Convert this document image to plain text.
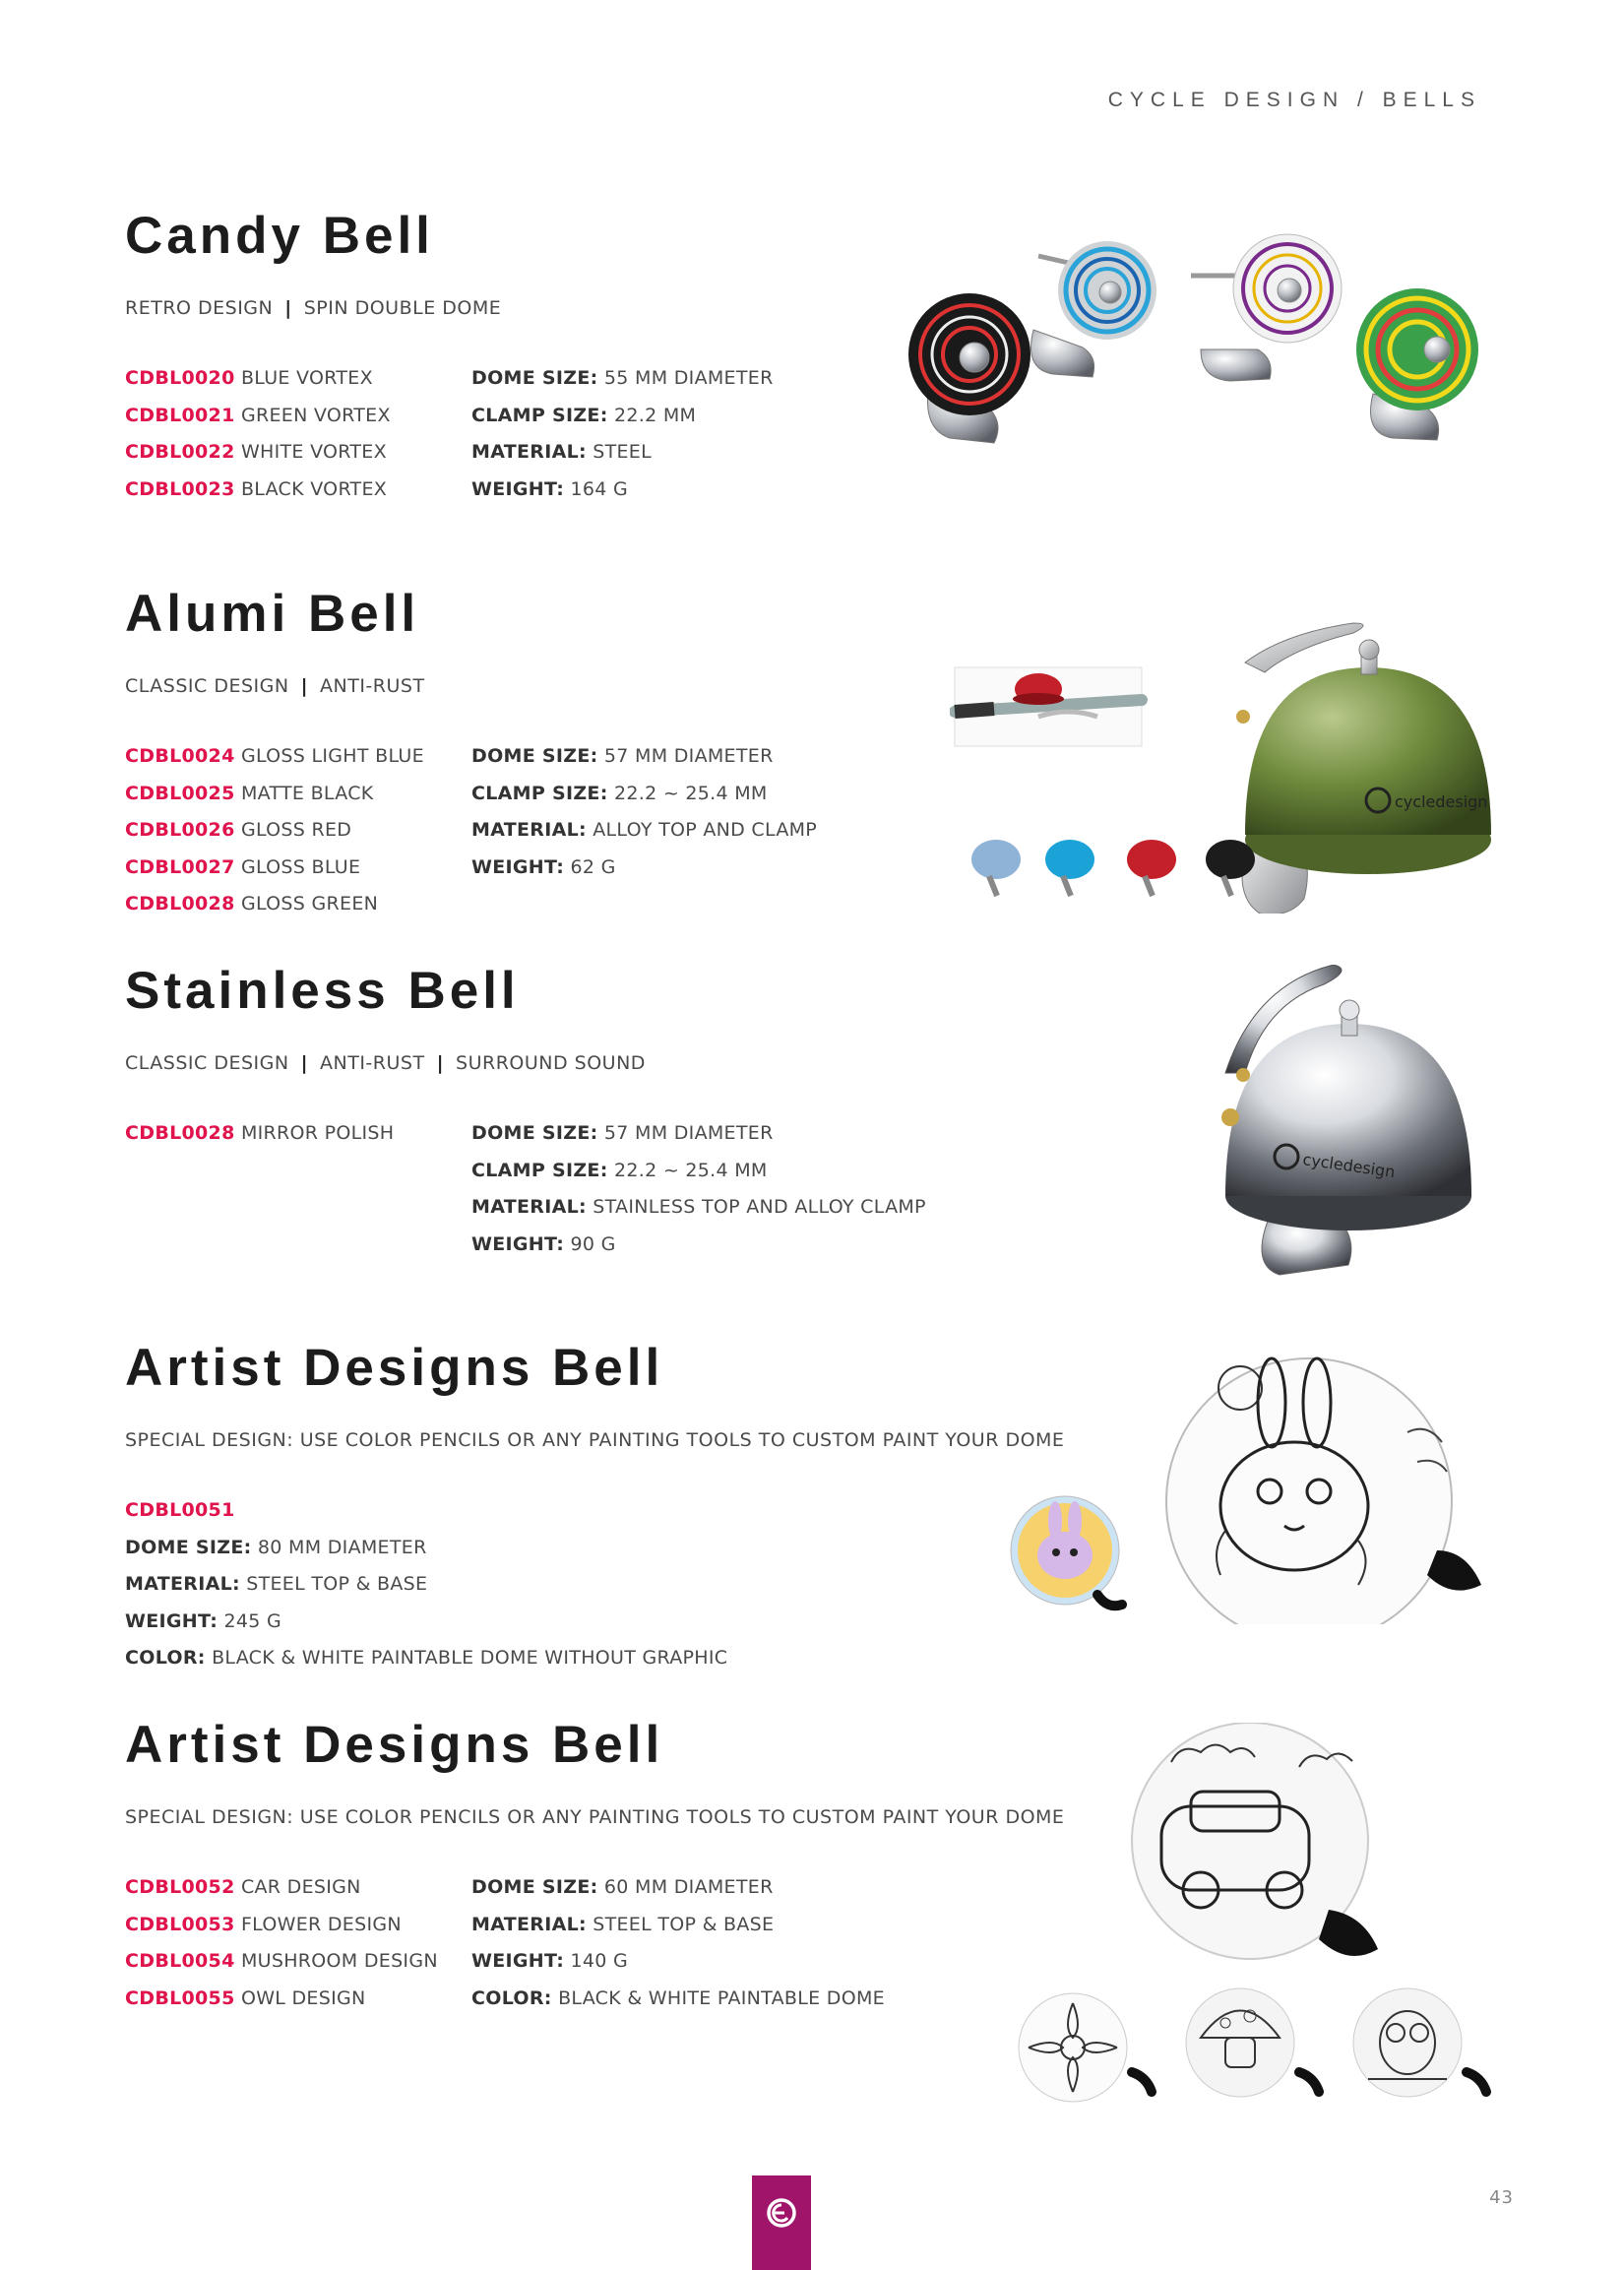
CYCLE DESIGN / BELLS
Candy Bell
RETRO DESIGN | SPIN DOUBLE DOME
CDBL0020 BLUE VORTEX
CDBL0021 GREEN VORTEX
CDBL0022 WHITE VORTEX
CDBL0023 BLACK VORTEX
DOME SIZE: 55 MM DIAMETER
CLAMP SIZE: 22.2 MM
MATERIAL: STEEL
WEIGHT: 164 G
Alumi Bell
CLASSIC DESIGN | ANTI-RUST
CDBL0024 GLOSS LIGHT BLUE
CDBL0025 MATTE BLACK
CDBL0026 GLOSS RED
CDBL0027 GLOSS BLUE
CDBL0028 GLOSS GREEN
DOME SIZE: 57 MM DIAMETER
CLAMP SIZE: 22.2 ~ 25.4 MM
MATERIAL: ALLOY TOP AND CLAMP
WEIGHT: 62 G
cycledesign
Stainless Bell
CLASSIC DESIGN | ANTI-RUST | SURROUND SOUND
CDBL0028 MIRROR POLISH	DOME SIZE: 57 MM DIAMETER
CLAMP SIZE: 22.2 ~ 25.4 MM
MATERIAL: STAINLESS TOP AND ALLOY CLAMP
WEIGHT: 90 G
cycledesign
Artist Designs Bell
SPECIAL DESIGN: USE COLOR PENCILS OR ANY PAINTING TOOLS TO CUSTOM PAINT YOUR DOME
CDBL0051
DOME SIZE: 80 MM DIAMETER
MATERIAL: STEEL TOP & BASE
WEIGHT: 245 G
COLOR: BLACK & WHITE PAINTABLE DOME WITHOUT GRAPHIC
Artist Designs Bell
SPECIAL DESIGN: USE COLOR PENCILS OR ANY PAINTING TOOLS TO CUSTOM PAINT YOUR DOME
CDBL0052 CAR DESIGN
CDBL0053 FLOWER DESIGN
CDBL0054 MUSHROOM DESIGN
CDBL0055 OWL DESIGN
DOME SIZE: 60 MM DIAMETER
MATERIAL: STEEL TOP & BASE
WEIGHT: 140 G
COLOR: BLACK & WHITE PAINTABLE DOME
43
